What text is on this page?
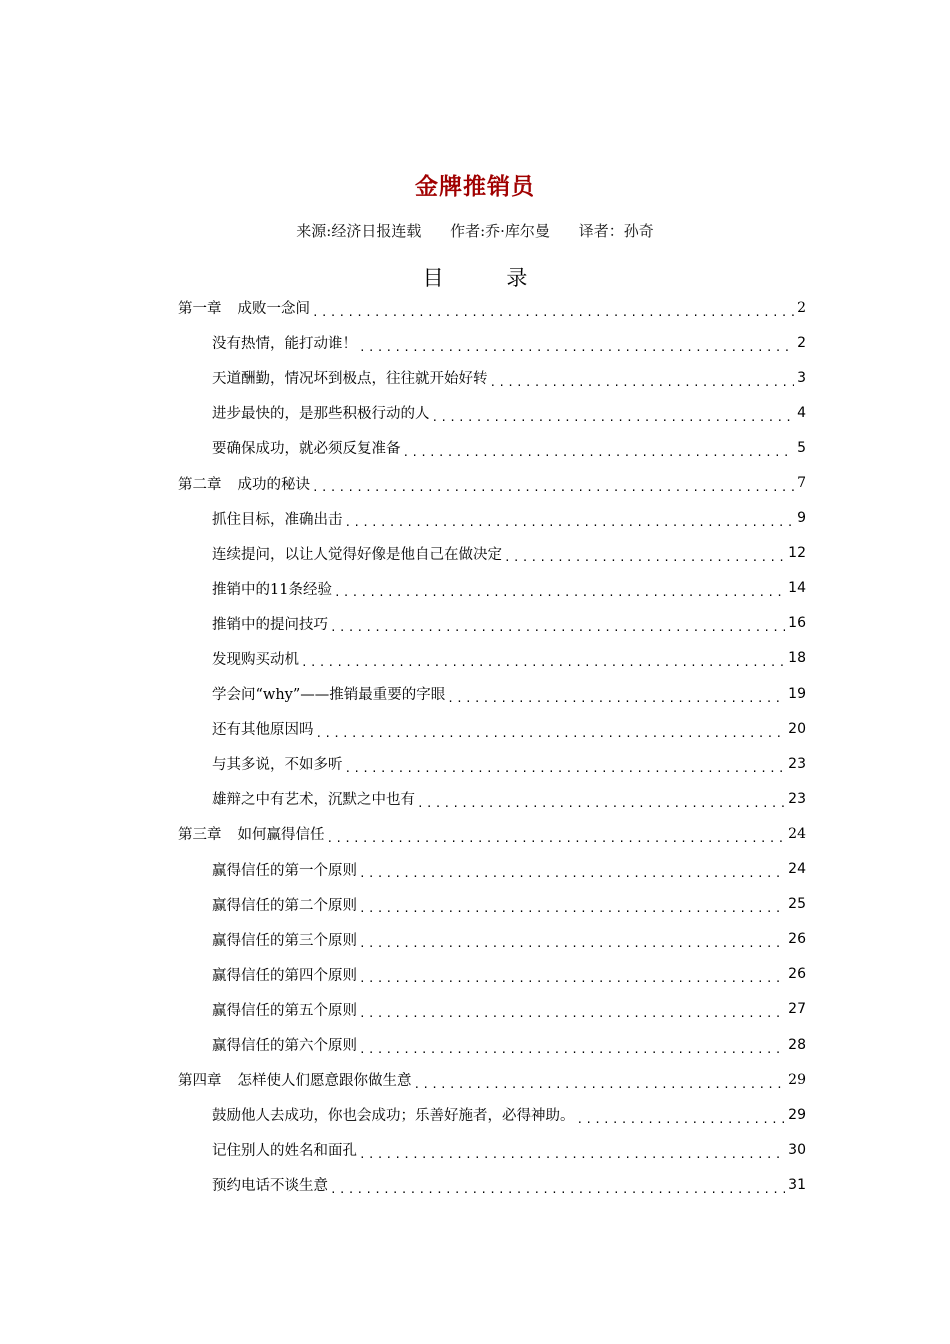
金牌推销员
来源:经济日报连载 作者:乔·库尔曼 译者：孙奇
目 录
第一章 成败一念间 . . .	2
没有热情，能打动谁！ . . .	2
天道酬勤，情况坏到极点，往往就开始好转 . . .	3
进步最快的，是那些积极行动的人 . . .	4
要确保成功，就必须反复准备 . . .	5
第二章 成功的秘诀 . . .	7
抓住目标，准确出击 . . .	9
连续提问，以让人觉得好像是他自己在做决定 . . .	12
推销中的11条经验 . . .	14
推销中的提问技巧 . . .	16
发现购买动机 . . .	18
学会问“why”——推销最重要的字眼 . . .	19
还有其他原因吗 . . .	20
与其多说，不如多听 . . .	23
雄辩之中有艺术，沉默之中也有 . . .	23
第三章 如何赢得信任 . . .	24
赢得信任的第一个原则 . . .	24
赢得信任的第二个原则 . . .	25
赢得信任的第三个原则 . . .	26
赢得信任的第四个原则 . . .	26
赢得信任的第五个原则 . . .	27
赢得信任的第六个原则 . . .	28
第四章 怎样使人们愿意跟你做生意 . . .	29
鼓励他人去成功，你也会成功；乐善好施者，必得神助。 . . .	29
记住别人的姓名和面孔 . . .	30
预约电话不谈生意 . . .	31
